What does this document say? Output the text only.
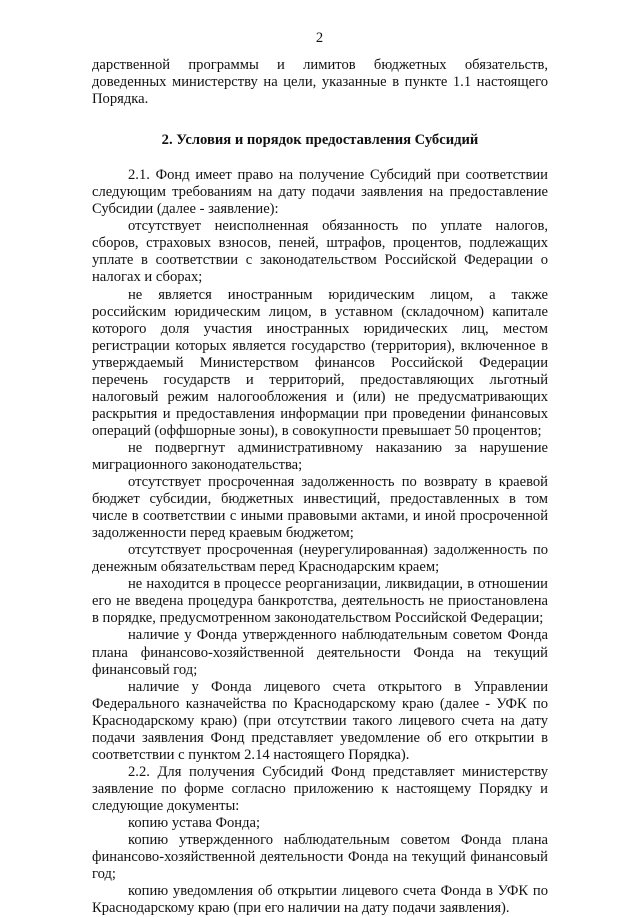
2

дарственной программы и лимитов бюджетных обязательств, доведенных министерству на цели, указанные в пункте 1.1 настоящего Порядка.

2. Условия и порядок предоставления Субсидий

2.1. Фонд имеет право на получение Субсидий при соответствии следующим требованиям на дату подачи заявления на предоставление Субсидии (далее - заявление):

отсутствует неисполненная обязанность по уплате налогов, сборов, страховых взносов, пеней, штрафов, процентов, подлежащих уплате в соответствии с законодательством Российской Федерации о налогах и сборах;

не является иностранным юридическим лицом, а также российским юридическим лицом, в уставном (складочном) капитале которого доля участия иностранных юридических лиц, местом регистрации которых является государство (территория), включенное в утверждаемый Министерством финансов Российской Федерации перечень государств и территорий, предоставляющих льготный налоговый режим налогообложения и (или) не предусматривающих раскрытия и предоставления информации при проведении финансовых операций (оффшорные зоны), в совокупности превышает 50 процентов;

не подвергнут административному наказанию за нарушение миграционного законодательства;

отсутствует просроченная задолженность по возврату в краевой бюджет субсидии, бюджетных инвестиций, предоставленных в том числе в соответствии с иными правовыми актами, и иной просроченной задолженности перед краевым бюджетом;

отсутствует просроченная (неурегулированная) задолженность по денежным обязательствам перед Краснодарским краем;

не находится в процессе реорганизации, ликвидации, в отношении его не введена процедура банкротства, деятельность не приостановлена в порядке, предусмотренном законодательством Российской Федерации;

наличие у Фонда утвержденного наблюдательным советом Фонда плана финансово-хозяйственной деятельности Фонда на текущий финансовый год;

наличие у Фонда лицевого счета открытого в Управлении Федерального казначейства по Краснодарскому краю (далее - УФК по Краснодарскому краю) (при отсутствии такого лицевого счета на дату подачи заявления Фонд представляет уведомление об его открытии в соответствии с пунктом 2.14 настоящего Порядка).

2.2. Для получения Субсидий Фонд представляет министерству заявление по форме согласно приложению к настоящему Порядку и следующие документы:

копию устава Фонда;

копию утвержденного наблюдательным советом Фонда плана финансово-хозяйственной деятельности Фонда на текущий финансовый год;

копию уведомления об открытии лицевого счета Фонда в УФК по Краснодарскому краю (при его наличии на дату подачи заявления).
